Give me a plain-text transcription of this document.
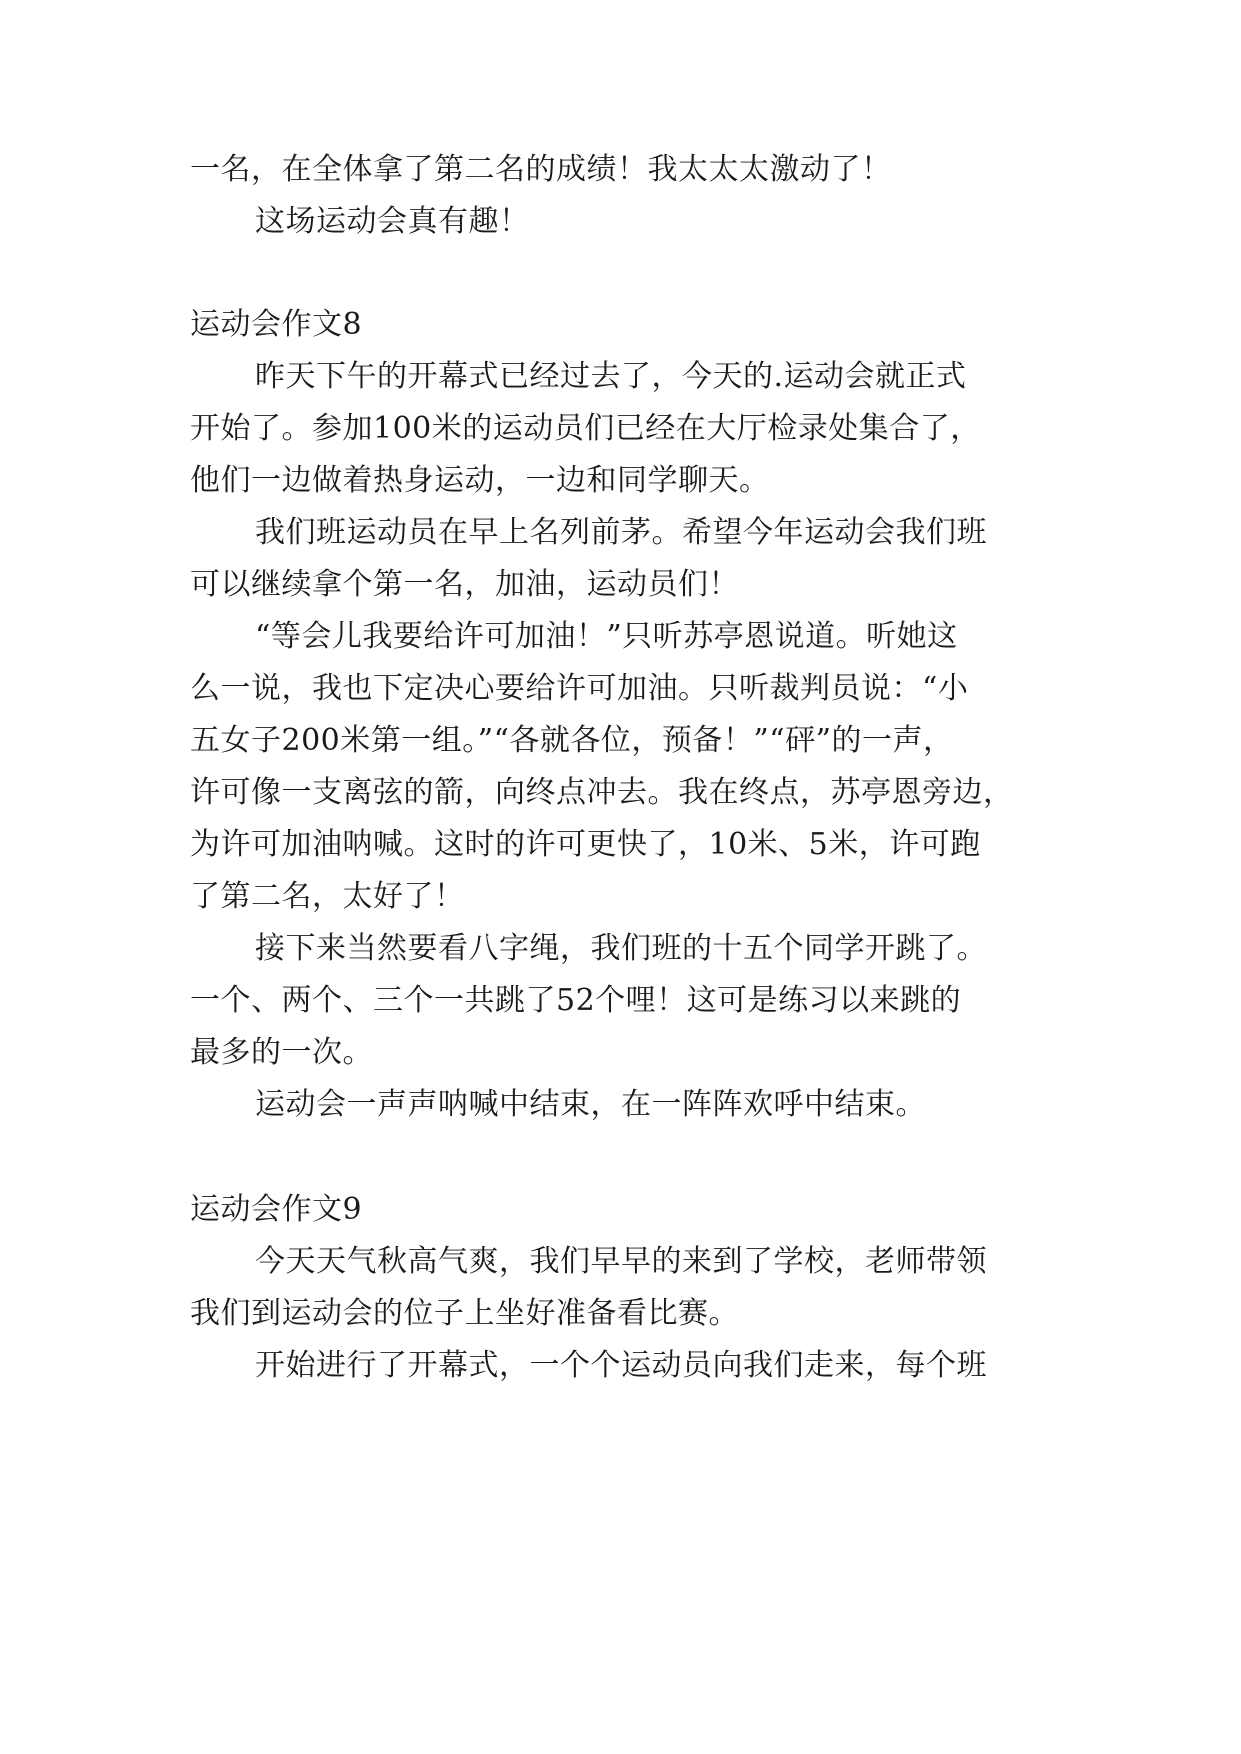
一名，在全体拿了第二名的成绩！我太太太激动了！
这场运动会真有趣！
运动会作文8
昨天下午的开幕式已经过去了，今天的.运动会就正式
开始了。参加100米的运动员们已经在大厅检录处集合了，
他们一边做着热身运动，一边和同学聊天。
我们班运动员在早上名列前茅。希望今年运动会我们班
可以继续拿个第一名，加油，运动员们！
“等会儿我要给许可加油！”只听苏亭恩说道。听她这
么一说，我也下定决心要给许可加油。只听裁判员说：“小
五女子200米第一组。”“各就各位，预备！”“砰”的一声，
许可像一支离弦的箭，向终点冲去。我在终点，苏亭恩旁边，
为许可加油呐喊。这时的许可更快了，10米、5米，许可跑
了第二名，太好了！
接下来当然要看八字绳，我们班的十五个同学开跳了。
一个、两个、三个一共跳了52个哩！这可是练习以来跳的
最多的一次。
运动会一声声呐喊中结束，在一阵阵欢呼中结束。
运动会作文9
今天天气秋高气爽，我们早早的来到了学校，老师带领
我们到运动会的位子上坐好准备看比赛。
开始进行了开幕式，一个个运动员向我们走来，每个班
